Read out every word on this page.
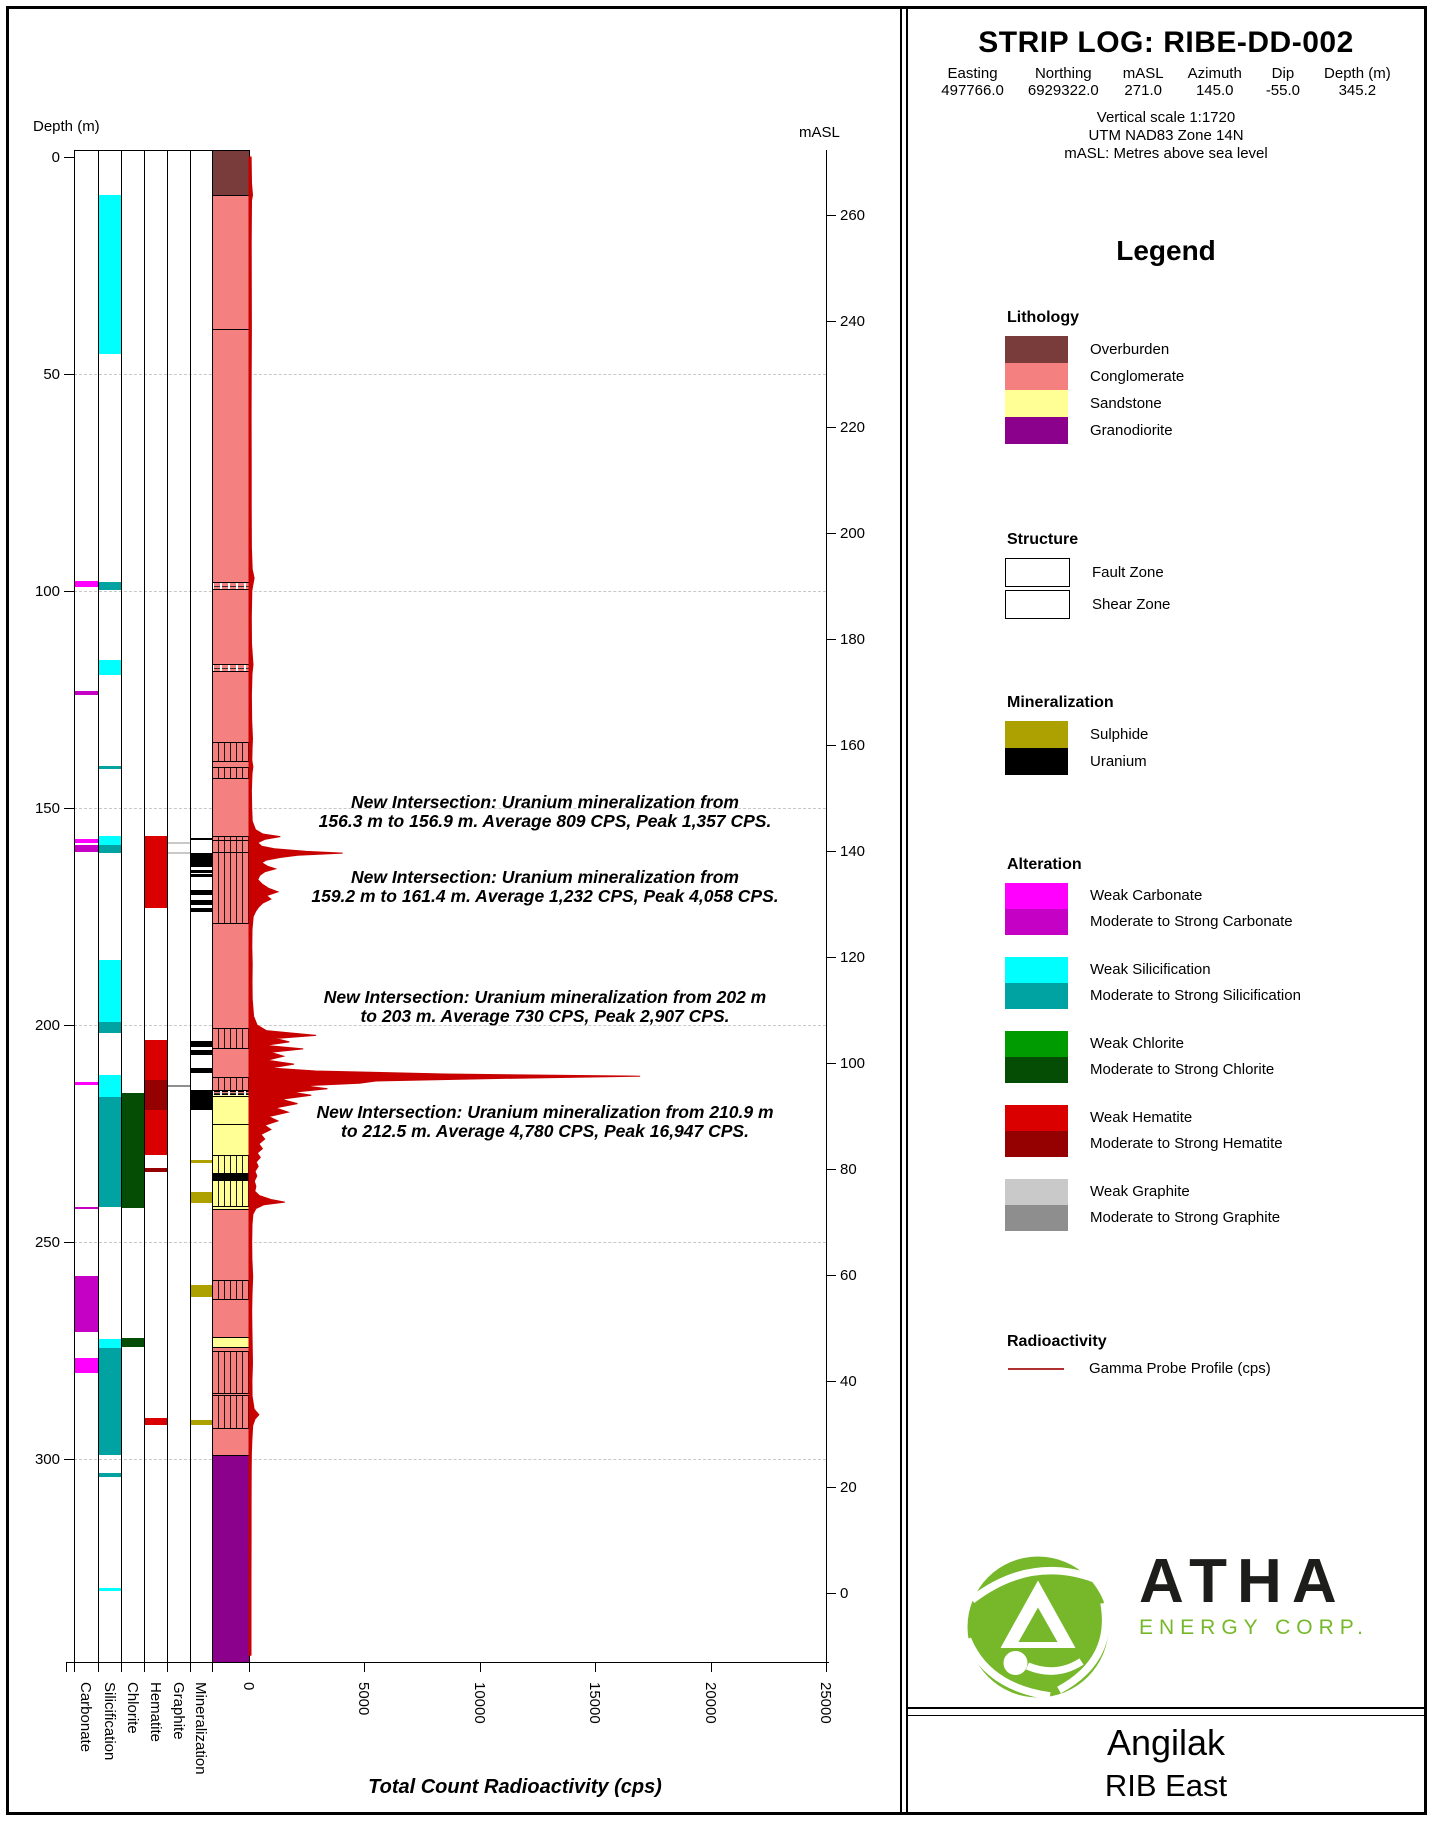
Depth (m)	mASL
Total Count Radioactivity (cps)
0
50
100
150
200
250
300
260
240
220
200
180
160
140
120
100
80
60
40
20
0
Carbonate Silicification Chlorite Hematite Graphite Mineralization 0	5000	10000	15000	20000	25000
New Intersection: Uranium mineralization from
156.3 m to 156.9 m. Average 809 CPS, Peak 1,357 CPS.
New Intersection: Uranium mineralization from
159.2 m to 161.4 m. Average 1,232 CPS, Peak 4,058 CPS.
New Intersection: Uranium mineralization from 202 m
to 203 m. Average 730 CPS, Peak 2,907 CPS.
New Intersection: Uranium mineralization from 210.9 m
to 212.5 m. Average 4,780 CPS, Peak 16,947 CPS.
STRIP LOG: RIBE-DD-002
Easting
497766.0
Northing
6929322.0
mASL
271.0
Azimuth
145.0
Dip
-55.0
Depth (m)
345.2
Vertical scale 1:1720
UTM NAD83 Zone 14N
mASL: Metres above sea level
Legend
Lithology
Overburden
Conglomerate
Sandstone
Granodiorite
Structure
Fault Zone
Shear Zone
Mineralization
Sulphide
Uranium
Alteration
Weak Carbonate
Moderate to Strong Carbonate
Weak Silicification
Moderate to Strong Silicification
Weak Chlorite
Moderate to Strong Chlorite
Weak Hematite
Moderate to Strong Hematite
Weak Graphite
Moderate to Strong Graphite
Radioactivity
Gamma Probe Profile (cps)
ATHA
ENERGY CORP.
Angilak
RIB East
